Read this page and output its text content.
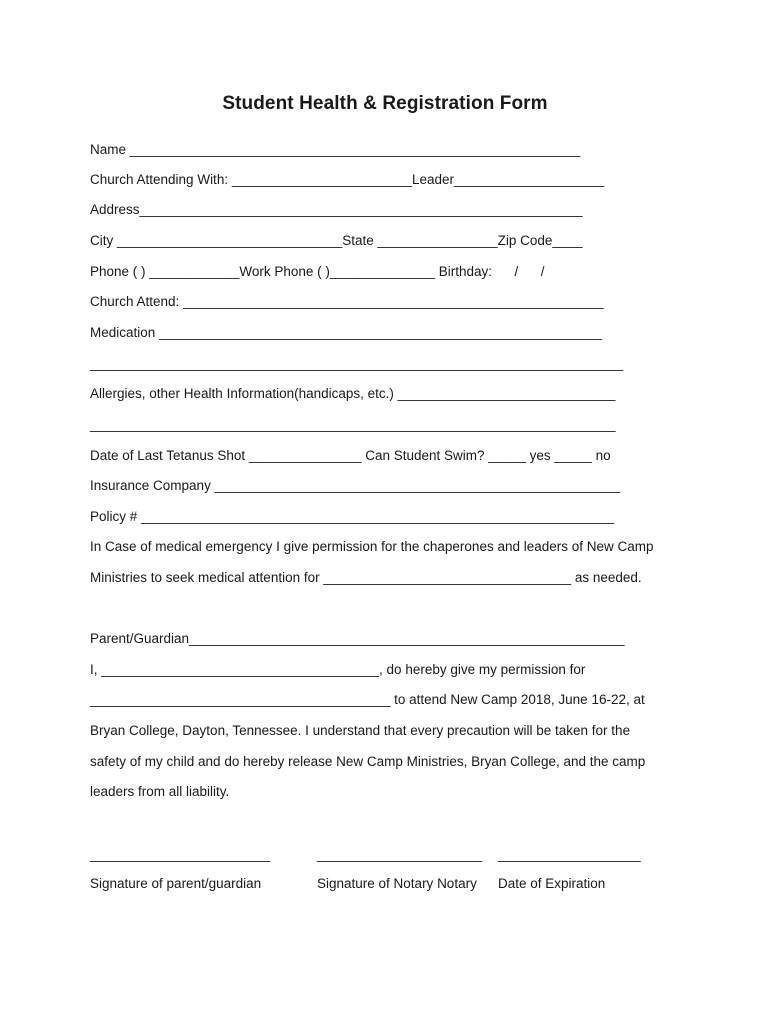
Student Health & Registration Form
Name ____________________________________________________________
Church Attending With: ________________________Leader____________________
Address___________________________________________________________
City ______________________________State ________________Zip Code____
Phone ( ) ____________Work Phone ( )______________ Birthday:      /      /
Church Attend: ________________________________________________________
Medication ___________________________________________________________
_______________________________________________________________________
Allergies, other Health Information(handicaps, etc.) _____________________________
______________________________________________________________________
Date of Last Tetanus Shot _______________ Can Student Swim? _____ yes _____ no
Insurance Company ______________________________________________________
Policy # _______________________________________________________________
In Case of medical emergency I give permission for the chaperones and leaders of New Camp
Ministries to seek medical attention for _________________________________ as needed.
Parent/Guardian__________________________________________________________
I, _____________________________________, do hereby give my permission for
________________________________________ to attend New Camp 2018, June 16-22, at
Bryan College, Dayton, Tennessee. I understand that every precaution will be taken for the
safety of my child and do hereby release New Camp Ministries, Bryan College, and the camp
leaders from all liability.
________________________	______________________ ___________________
Signature of parent/guardian	Signature of Notary Notary Date of Expiration
